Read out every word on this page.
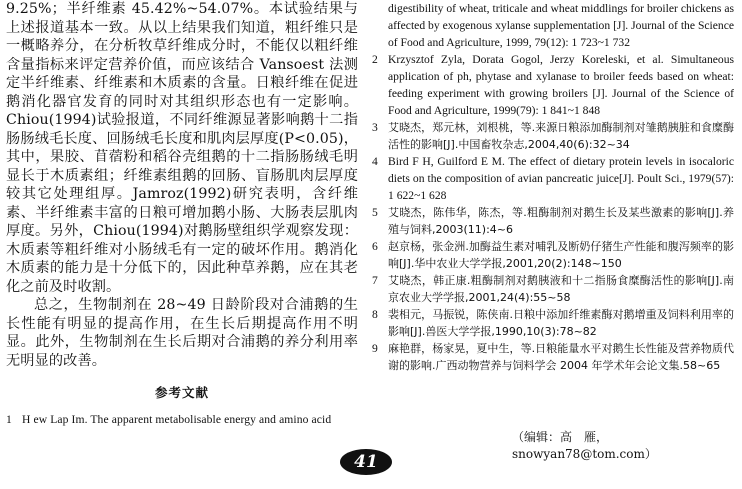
9.25%；半纤维素 45.42%~54.07%。本试验结果与上述报道基本一致。从以上结果我们知道，粗纤维只是一概略养分，在分析牧草纤维成分时，不能仅以粗纤维含量指标来评定营养价值，而应该结合 Vansoest 法测定半纤维素、纤维素和木质素的含量。日粮纤维在促进鹅消化器官发育的同时对其组织形态也有一定影响。Chiou(1994)试验报道，不同纤维源显著影响鹅十二指肠肠绒毛长度、回肠绒毛长度和肌肉层厚度(P<0.05)，其中，果胶、苜蓿粉和稻谷壳组鹅的十二指肠肠绒毛明显长于木质素组；纤维素组鹅的回肠、盲肠肌肉层厚度较其它处理组厚。Jamroz(1992)研究表明，含纤维素、半纤维素丰富的日粮可增加鹅小肠、大肠表层肌肉厚度。另外，Chiou(1994)对鹅肠壁组织学观察发现：木质素等粗纤维对小肠绒毛有一定的破坏作用。鹅消化木质素的能力是十分低下的，因此种草养鹅，应在其老化之前及时收割。

总之，生物制剂在 28~49 日龄阶段对合浦鹅的生长性能有明显的提高作用，在生长后期提高作用不明显。此外，生物制剂在生长后期对合浦鹅的养分利用率无明显的改善。

参考文献
1 H ew Lap Im. The apparent metabolisable energy and amino acid

digestibility of wheat, triticale and wheat middlings for broiler chickens as affected by exogenous xylanse supplementation [J]. Journal of the Science of Food and Agriculture, 1999, 79(12): 1 723~1 732

2 Krzysztof Zyla, Dorata Gogol, Jerzy Koreleski, et al. Simultaneous application of ph, phytase and xylanase to broiler feeds based on wheat: feeding experiment with growing broilers [J]. Journal of the Science of Food and Agriculture, 1999(79): 1 841~1 848
3 艾晓杰，郑元林，刘根桃，等.来源日粮添加酶制剂对雏鹅胰脏和食糜酶活性的影响[J].中国畜牧杂志,2004,40(6):32~34
4 Bird F H, Guilford E M. The effect of dietary protein levels in isocaloric diets on the composition of avian pancreatic juice[J]. Poult Sci., 1979(57): 1 622~1 628
5 艾晓杰，陈伟华，陈杰，等.粗酶制剂对鹅生长及某些激素的影响[J].养殖与饲料,2003(11):4~6
6 赵京杨，张金洲.加酶益生素对哺乳及断奶仔猪生产性能和腹泻频率的影响[J].华中农业大学学报,2001,20(2):148~150
7 艾晓杰，韩正康.粗酶制剂对鹅胰液和十二指肠食糜酶活性的影响[J].南京农业大学学报,2001,24(4):55~58
8 裴相元，马振锐，陈侠南.日粮中添加纤维素酶对鹅增重及饲料利用率的影响[J].兽医大学学报,1990,10(3):78~82
9 麻艳群，杨家晃，夏中生，等.日粮能量水平对鹅生长性能及营养物质代谢的影响.广西动物营养与饲料学会 2004 年学术年会论文集.58~65
（编辑：高　雁，snowyan78@tom.com）
41
